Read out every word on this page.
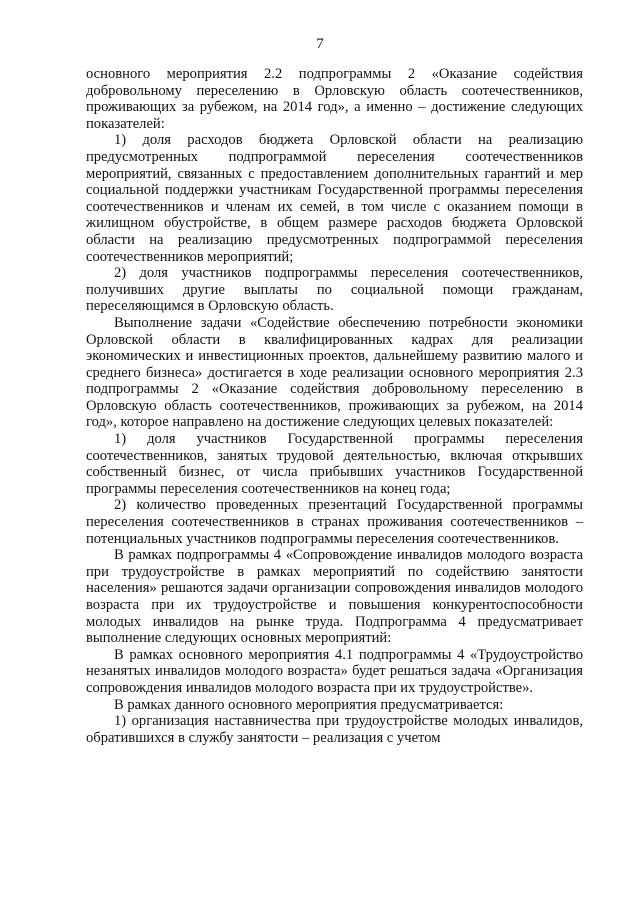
7

основного мероприятия 2.2 подпрограммы 2 «Оказание содействия добровольному переселению в Орловскую область соотечественников, проживающих за рубежом, на 2014 год», а именно – достижение следующих показателей:

1) доля расходов бюджета Орловской области на реализацию предусмотренных подпрограммой переселения соотечественников мероприятий, связанных с предоставлением дополнительных гарантий и мер социальной поддержки участникам Государственной программы переселения соотечественников и членам их семей, в том числе с оказанием помощи в жилищном обустройстве, в общем размере расходов бюджета Орловской области на реализацию предусмотренных подпрограммой переселения соотечественников мероприятий;

2) доля участников подпрограммы переселения соотечественников, получивших другие выплаты по социальной помощи гражданам, переселяющимся в Орловскую область.

Выполнение задачи «Содействие обеспечению потребности экономики Орловской области в квалифицированных кадрах для реализации экономических и инвестиционных проектов, дальнейшему развитию малого и среднего бизнеса» достигается в ходе реализации основного мероприятия 2.3 подпрограммы 2 «Оказание содействия добровольному переселению в Орловскую область соотечественников, проживающих за рубежом, на 2014 год», которое направлено на достижение следующих целевых показателей:

1) доля участников Государственной программы переселения соотечественников, занятых трудовой деятельностью, включая открывших собственный бизнес, от числа прибывших участников Государственной программы переселения соотечественников на конец года;

2) количество проведенных презентаций Государственной программы переселения соотечественников в странах проживания соотечественников – потенциальных участников подпрограммы переселения соотечественников.

В рамках подпрограммы 4 «Сопровождение инвалидов молодого возраста при трудоустройстве в рамках мероприятий по содействию занятости населения» решаются задачи организации сопровождения инвалидов молодого возраста при их трудоустройстве и повышения конкурентоспособности молодых инвалидов на рынке труда. Подпрограмма 4 предусматривает выполнение следующих основных мероприятий:

В рамках основного мероприятия 4.1 подпрограммы 4 «Трудоустройство незанятых инвалидов молодого возраста» будет решаться задача «Организация сопровождения инвалидов молодого возраста при их трудоустройстве».

В рамках данного основного мероприятия предусматривается:

1) организация наставничества при трудоустройстве молодых инвалидов, обратившихся в службу занятости – реализация с учетом
